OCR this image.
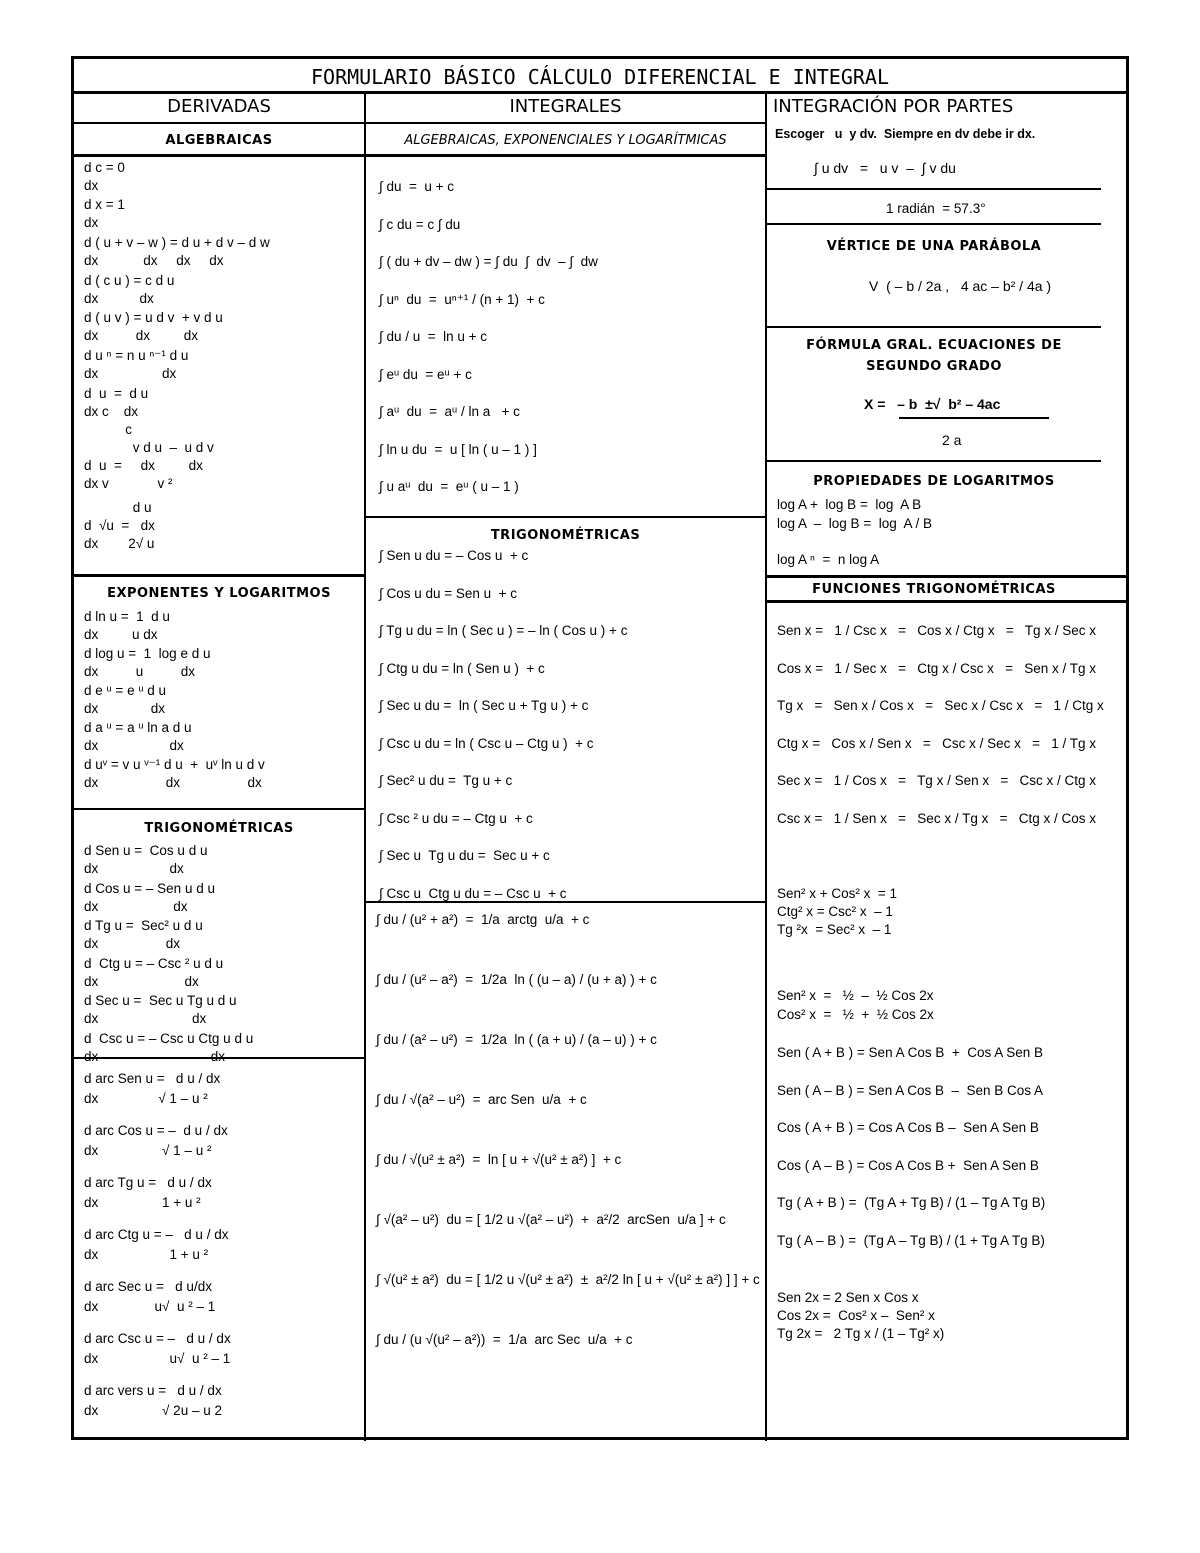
FORMULARIO BÁSICO CÁLCULO DIFERENCIAL E INTEGRAL
DERIVADAS	INTEGRALES	INTEGRACIÓN POR PARTES
ALGEBRAICAS
d c = 0
dx
d x = 1
dx
d ( u + v – w ) = d u + d v – d w
dx            dx     dx     dx
d ( c u ) = c d u
dx           dx
d ( u v ) = u d v  + v d u
dx          dx         dx
d u ⁿ = n u ⁿ⁻¹ d u
dx                 dx
d  u  =  d u
dx c    dx
c
v d u  –  u d v
d  u  =     dx         dx
dx v             v ²
d u
d  √u  =   dx
dx        2√ u
EXPONENTES Y LOGARITMOS
d ln u =  1  d u
dx         u dx
d log u =  1  log e d u
dx          u          dx
d e ᵘ = e ᵘ d u
dx              dx
d a ᵘ = a ᵘ ln a d u
dx                   dx
d uᵛ = v u ᵛ⁻¹ d u  +  uᵛ ln u d v
dx                  dx                  dx
TRIGONOMÉTRICAS
d Sen u =  Cos u d u
dx                   dx
d Cos u = – Sen u d u
dx                    dx
d Tg u =  Sec² u d u
dx                  dx
d  Ctg u = – Csc ² u d u
dx                       dx
d Sec u =  Sec u Tg u d u
dx                         dx
d  Csc u = – Csc u Ctg u d u
dx                              dx
d arc Sen u =   d u / dx
dx                √ 1 – u ²
d arc Cos u = –  d u / dx
dx                 √ 1 – u ²
d arc Tg u =   d u / dx
dx                 1 + u ²
d arc Ctg u = –   d u / dx
dx                   1 + u ²
d arc Sec u =   d u/dx
dx               u√  u ² – 1
d arc Csc u = –   d u / dx
dx                   u√  u ² – 1
d arc vers u =   d u / dx
dx                 √ 2u – u 2
ALGEBRAICAS, EXPONENCIALES Y LOGARÍTMICAS
∫ du  =  u + c
∫ c du = c ∫ du
∫ ( du + dv – dw ) = ∫ du  ∫  dv  – ∫  dw
∫ uⁿ  du  =  uⁿ⁺¹ / (n + 1)  + c
∫ du / u  =  ln u + c
∫ eᵘ du  = eᵘ + c
∫ aᵘ  du  =  aᵘ / ln a   + c
∫ ln u du  =  u [ ln ( u – 1 ) ]
∫ u aᵘ  du  =  eᵘ ( u – 1 )
TRIGONOMÉTRICAS
∫ Sen u du = – Cos u  + c
∫ Cos u du = Sen u  + c
∫ Tg u du = ln ( Sec u ) = – ln ( Cos u ) + c
∫ Ctg u du = ln ( Sen u )  + c
∫ Sec u du =  ln ( Sec u + Tg u ) + c
∫ Csc u du = ln ( Csc u – Ctg u )  + c
∫ Sec² u du =  Tg u + c
∫ Csc ² u du = – Ctg u  + c
∫ Sec u  Tg u du =  Sec u + c
∫ Csc u  Ctg u du = – Csc u  + c
∫ du / (u² + a²)  =  1/a  arctg  u/a  + c
∫ du / (u² – a²)  =  1/2a  ln ( (u – a) / (u + a) ) + c
∫ du / (a² – u²)  =  1/2a  ln ( (a + u) / (a – u) ) + c
∫ du / √(a² – u²)  =  arc Sen  u/a  + c
∫ du / √(u² ± a²)  =  ln [ u + √(u² ± a²) ]  + c
∫ √(a² – u²)  du = [ 1/2 u √(a² – u²)  +  a²/2  arcSen  u/a ] + c
∫ √(u² ± a²)  du = [ 1/2 u √(u² ± a²)  ±  a²/2 ln [ u + √(u² ± a²) ] ] + c
∫ du / (u √(u² – a²))  =  1/a  arc Sec  u/a  + c
Escoger   u  y dv.  Siempre en dv debe ir dx.
∫ u dv   =   u v  –  ∫ v du
1 radián  = 57.3°
VÉRTICE DE UNA PARÁBOLA
V  ( – b / 2a ,   4 ac – b² / 4a )
FÓRMULA GRAL. ECUACIONES DE SEGUNDO GRADO
X =   – b  ±√  b² – 4ac
2 a
PROPIEDADES DE LOGARITMOS
log A +  log B =  log  A B
log A  –  log B =  log  A / B
log A ⁿ  =  n log A
FUNCIONES TRIGONOMÉTRICAS
Sen x =   1 / Csc x   =   Cos x / Ctg x   =   Tg x / Sec x
Cos x =   1 / Sec x   =   Ctg x / Csc x   =   Sen x / Tg x
Tg x   =   Sen x / Cos x   =   Sec x / Csc x   =   1 / Ctg x
Ctg x =   Cos x / Sen x   =   Csc x / Sec x   =   1 / Tg x
Sec x =   1 / Cos x   =   Tg x / Sen x   =   Csc x / Ctg x
Csc x =   1 / Sen x   =   Sec x / Tg x   =   Ctg x / Cos x
Sen² x + Cos² x  = 1
Ctg² x = Csc² x  – 1
Tg ²x  = Sec² x  – 1
Sen² x  =   ½  –  ½ Cos 2x
Cos² x  =   ½  +  ½ Cos 2x
Sen ( A + B ) = Sen A Cos B  +  Cos A Sen B
Sen ( A – B ) = Sen A Cos B  –  Sen B Cos A
Cos ( A + B ) = Cos A Cos B –  Sen A Sen B
Cos ( A – B ) = Cos A Cos B +  Sen A Sen B
Tg ( A + B ) =  (Tg A + Tg B) / (1 – Tg A Tg B)
Tg ( A – B ) =  (Tg A – Tg B) / (1 + Tg A Tg B)
Sen 2x = 2 Sen x Cos x
Cos 2x =  Cos² x –  Sen² x
Tg 2x =   2 Tg x / (1 – Tg² x)
